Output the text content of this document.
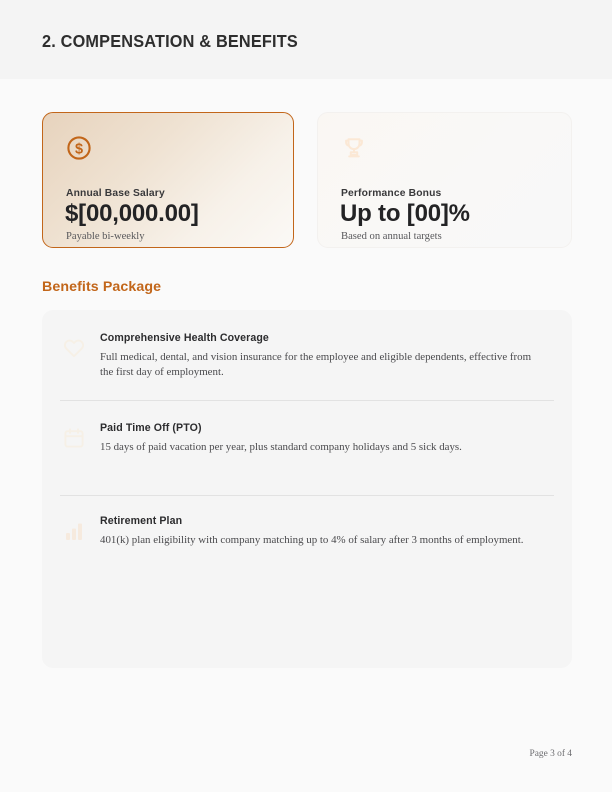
2. COMPENSATION & BENEFITS
$
Annual Base Salary
$[00,000.00]
Payable bi-weekly
Performance Bonus
Up to [00]%
Based on annual targets
Benefits Package

Comprehensive Health Coverage

Full medical, dental, and vision insurance for the employee and eligible dependents, effective from the first day of employment.

Paid Time Off (PTO)

15 days of paid vacation per year, plus standard company holidays and 5 sick days.

Retirement Plan

401(k) plan eligibility with company matching up to 4% of salary after 3 months of employment.

Page 3 of 4
